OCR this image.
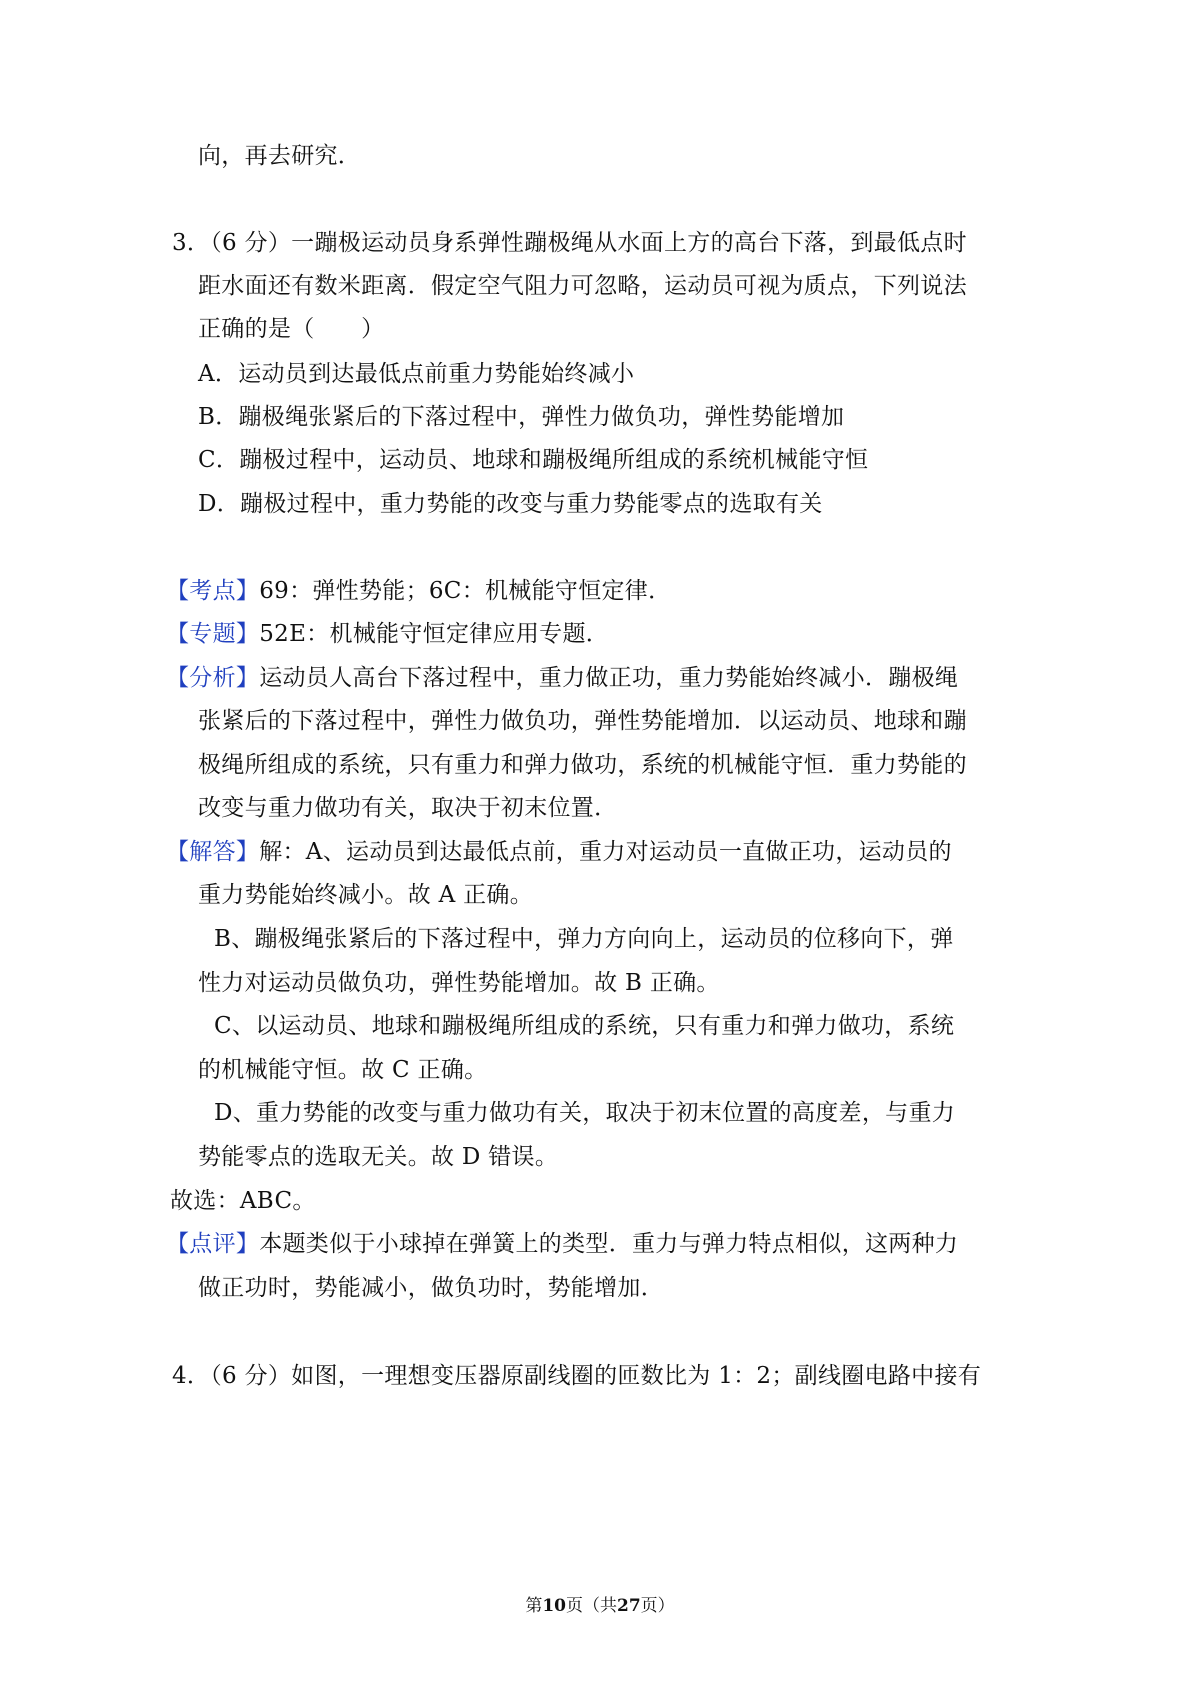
向，再去研究．
3．（6 分）一蹦极运动员身系弹性蹦极绳从水面上方的高台下落，到最低点时
距水面还有数米距离．假定空气阻力可忽略，运动员可视为质点，下列说法
正确的是（　　）
A．运动员到达最低点前重力势能始终减小
B．蹦极绳张紧后的下落过程中，弹性力做负功，弹性势能增加
C．蹦极过程中，运动员、地球和蹦极绳所组成的系统机械能守恒
D．蹦极过程中，重力势能的改变与重力势能零点的选取有关
【考点】69：弹性势能；6C：机械能守恒定律．
【专题】52E：机械能守恒定律应用专题．
【分析】运动员人高台下落过程中，重力做正功，重力势能始终减小．蹦极绳
张紧后的下落过程中，弹性力做负功，弹性势能增加．以运动员、地球和蹦
极绳所组成的系统，只有重力和弹力做功，系统的机械能守恒．重力势能的
改变与重力做功有关，取决于初末位置．
【解答】解：A、运动员到达最低点前，重力对运动员一直做正功，运动员的
重力势能始终减小。故 A 正确。
B、蹦极绳张紧后的下落过程中，弹力方向向上，运动员的位移向下，弹
性力对运动员做负功，弹性势能增加。故 B 正确。
C、以运动员、地球和蹦极绳所组成的系统，只有重力和弹力做功，系统
的机械能守恒。故 C 正确。
D、重力势能的改变与重力做功有关，取决于初末位置的高度差，与重力
势能零点的选取无关。故 D 错误。
故选：ABC。
【点评】本题类似于小球掉在弹簧上的类型．重力与弹力特点相似，这两种力
做正功时，势能减小，做负功时，势能增加．
4．（6 分）如图，一理想变压器原副线圈的匝数比为 1：2；副线圈电路中接有
第10页（共27页）
